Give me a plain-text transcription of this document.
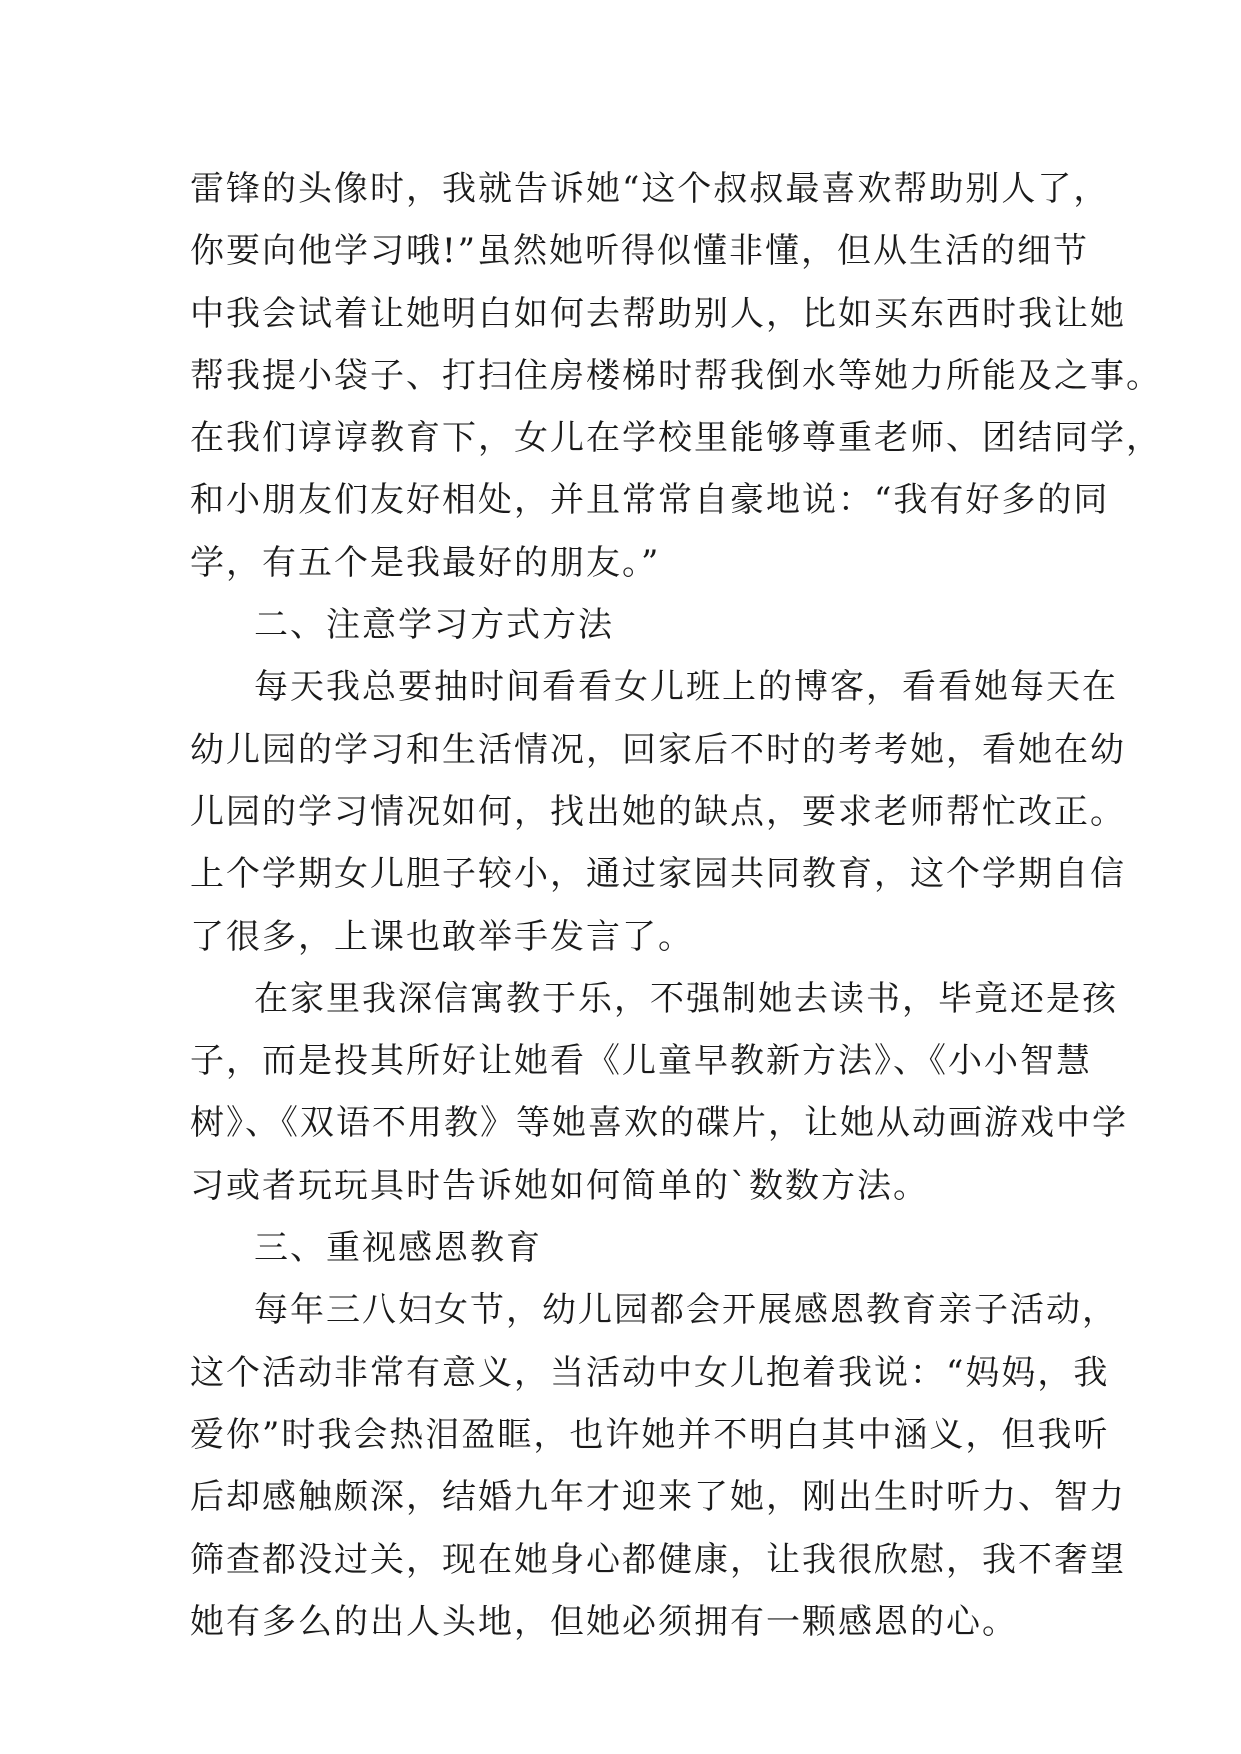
雷锋的头像时，我就告诉她“这个叔叔最喜欢帮助别人了，
你要向他学习哦!”虽然她听得似懂非懂，但从生活的细节
中我会试着让她明白如何去帮助别人，比如买东西时我让她
帮我提小袋子、打扫住房楼梯时帮我倒水等她力所能及之事。
在我们谆谆教育下，女儿在学校里能够尊重老师、团结同学，
和小朋友们友好相处，并且常常自豪地说：“我有好多的同
学，有五个是我最好的朋友。”
二、注意学习方式方法
每天我总要抽时间看看女儿班上的博客，看看她每天在
幼儿园的学习和生活情况，回家后不时的考考她，看她在幼
儿园的学习情况如何，找出她的缺点，要求老师帮忙改正。
上个学期女儿胆子较小，通过家园共同教育，这个学期自信
了很多，上课也敢举手发言了。
在家里我深信寓教于乐，不强制她去读书，毕竟还是孩
子，而是投其所好让她看《儿童早教新方法》、《小小智慧
树》、《双语不用教》等她喜欢的碟片，让她从动画游戏中学
习或者玩玩具时告诉她如何简单的`数数方法。
三、重视感恩教育
每年三八妇女节，幼儿园都会开展感恩教育亲子活动，
这个活动非常有意义，当活动中女儿抱着我说：“妈妈，我
爱你”时我会热泪盈眶，也许她并不明白其中涵义，但我听
后却感触颇深，结婚九年才迎来了她，刚出生时听力、智力
筛查都没过关，现在她身心都健康，让我很欣慰，我不奢望
她有多么的出人头地，但她必须拥有一颗感恩的心。
